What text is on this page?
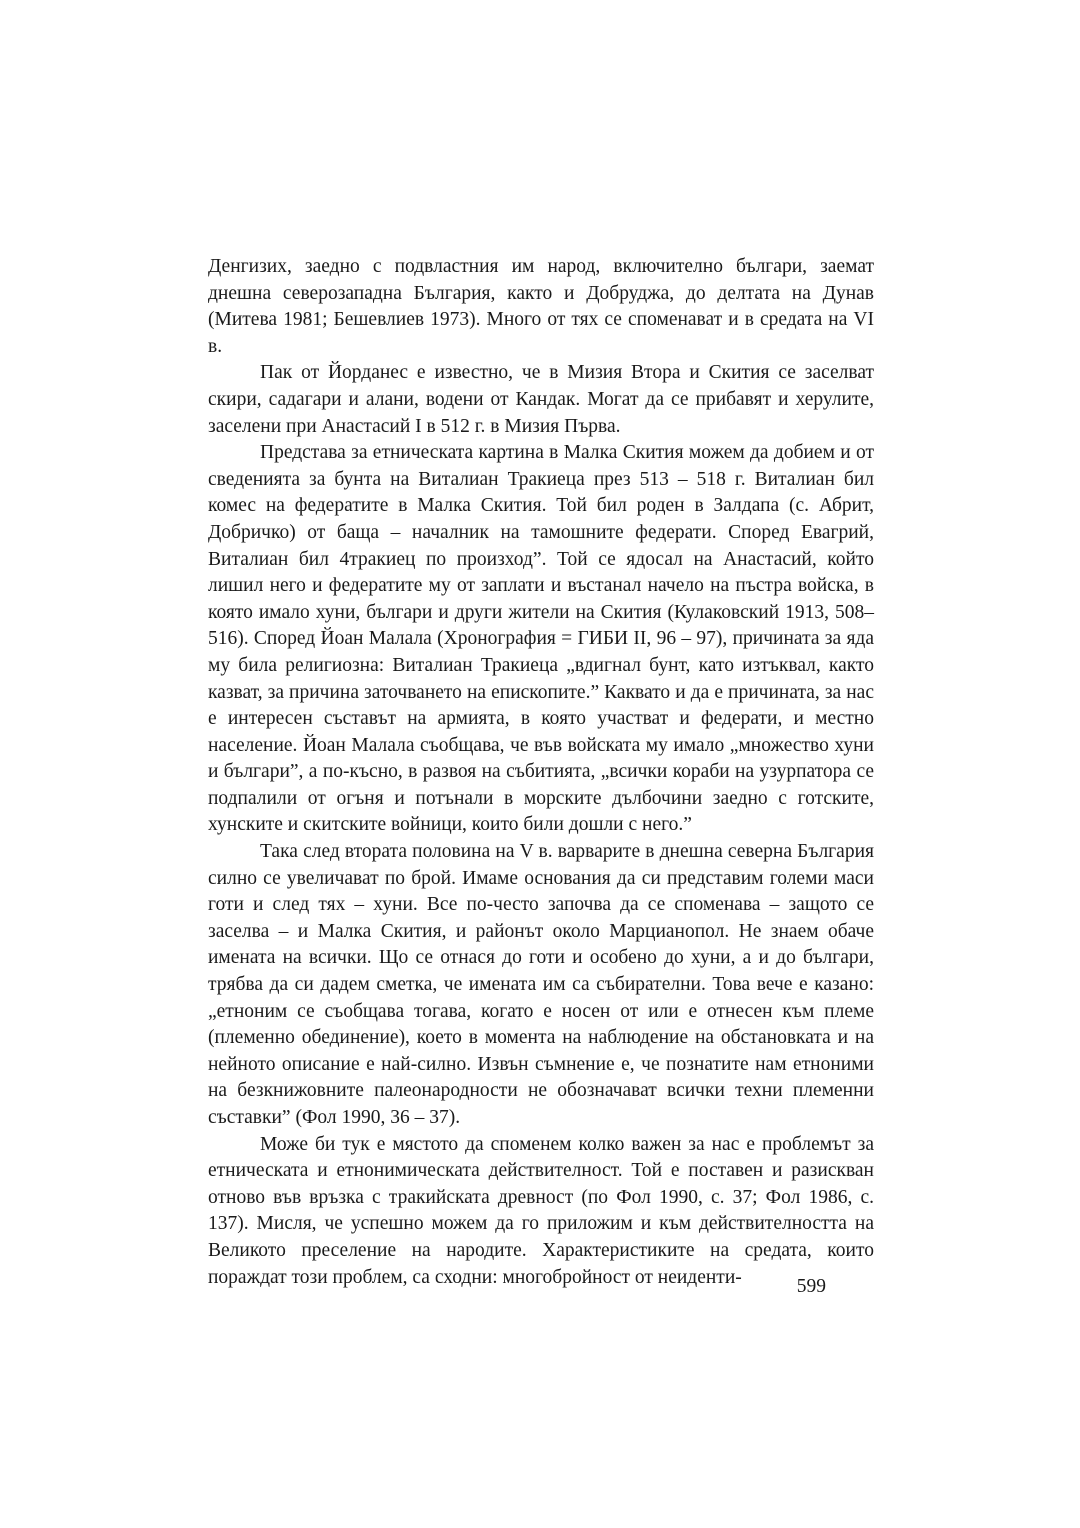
Денгизих, заедно с подвластния им народ, включително българи, заемат днешна северозападна България, както и Добруджа, до делтата на Дунав (Митева 1981; Бешевлиев 1973). Много от тях се споменават и в средата на VI в.

Пак от Йорданес е известно, че в Мизия Втора и Скития се заселват скири, садагари и алани, водени от Кандак. Могат да се прибавят и херулите, заселени при Анастасий I в 512 г. в Мизия Първа.

Представа за етническата картина в Малка Скития можем да добием и от сведенията за бунта на Виталиан Тракиеца през 513 – 518 г. Виталиан бил комес на федератите в Малка Скития. Той бил роден в Залдапа (с. Абрит, Добричко) от баща – началник на тамошните федерати. Според Евагрий, Виталиан бил 4тракиец по произход”. Той се ядосал на Анастасий, който лишил него и федератите му от заплати и въстанал начело на пъстра войска, в която имало хуни, българи и други жители на Скития (Кулаковский 1913, 508–516). Според Йоан Малала (Хронография = ГИБИ II, 96 – 97), причината за яда му била религиозна: Виталиан Тракиеца „вдигнал бунт, като изтъквал, както казват, за причина заточването на епископите.” Каквато и да е причината, за нас е интересен съставът на армията, в която участват и федерати, и местно население. Йоан Малала съобщава, че във войската му имало „множество хуни и българи”, а по-късно, в развоя на събитията, „всички кораби на узурпатора се подпалили от огъня и потънали в морските дълбочини заедно с готските, хунските и скитските войници, които били дошли с него.”

Така след втората половина на V в. варварите в днешна северна България силно се увеличават по брой. Имаме основания да си представим големи маси готи и след тях – хуни. Все по-често започва да се споменава – защото се заселва – и Малка Скития, и районът около Марцианопол. Не знаем обаче имената на всички. Що се отнася до готи и особено до хуни, а и до българи, трябва да си дадем сметка, че имената им са събирателни. Това вече е казано: „етноним се съобщава тогава, когато е носен от или е отнесен към племе (племенно обединение), което в момента на наблюдение на обстановката и на нейното описание е най-силно. Извън съмнение е, че познатите нам етноними на безкнижовните палеонародности не обозначават всички техни племенни съставки” (Фол 1990, 36 – 37).

Може би тук е мястото да споменем колко важен за нас е проблемът за етническата и етнонимическата действителност. Той е поставен и разискван отново във връзка с тракийската древност (по Фол 1990, с. 37; Фол 1986, с. 137). Мисля, че успешно можем да го приложим и към действителността на Великото преселение на народите. Характеристиките на средата, които пораждат този проблем, са сходни: многобройност от неиденти-	599
